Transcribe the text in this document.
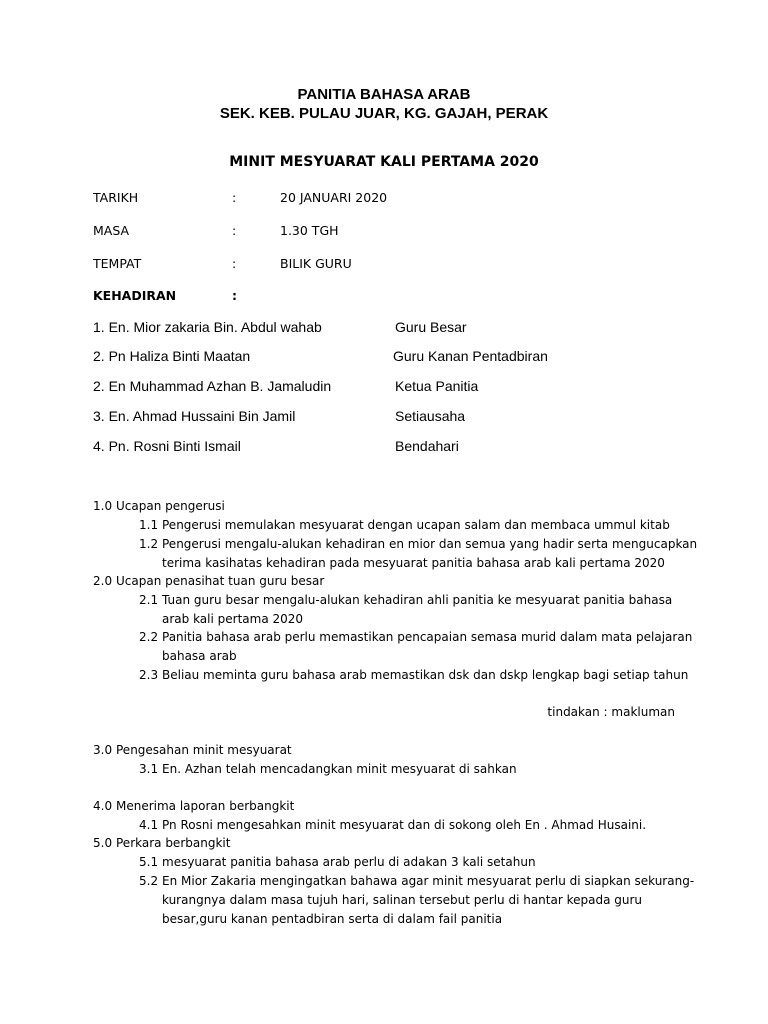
PANITIA BAHASA ARAB
SEK. KEB. PULAU JUAR, KG. GAJAH, PERAK
MINIT MESYUARAT KALI PERTAMA 2020
TARIKH	:	20 JANUARI 2020
MASA	:	1.30 TGH
TEMPAT	:	BILIK GURU
KEHADIRAN	:
1. En. Mior zakaria Bin. Abdul wahab	Guru Besar
2. Pn Haliza Binti Maatan	Guru Kanan Pentadbiran
2. En Muhammad Azhan B. Jamaludin	Ketua Panitia
3. En. Ahmad Hussaini Bin Jamil	Setiausaha
4. Pn. Rosni Binti Ismail	Bendahari
1.0 Ucapan pengerusi
1.1 Pengerusi memulakan mesyuarat dengan ucapan salam dan membaca ummul kitab
1.2 Pengerusi mengalu-alukan kehadiran en mior dan semua yang hadir serta mengucapkan
terima kasihatas kehadiran pada mesyuarat panitia bahasa arab kali pertama 2020
2.0 Ucapan penasihat tuan guru besar
2.1 Tuan guru besar mengalu-alukan kehadiran ahli panitia ke mesyuarat panitia bahasa
arab kali pertama 2020
2.2 Panitia bahasa arab perlu memastikan pencapaian semasa murid dalam mata pelajaran
bahasa arab
2.3 Beliau meminta guru bahasa arab memastikan dsk dan dskp lengkap bagi setiap tahun
tindakan : makluman
3.0 Pengesahan minit mesyuarat
3.1 En. Azhan telah mencadangkan minit mesyuarat di sahkan
4.0 Menerima laporan berbangkit
4.1 Pn Rosni mengesahkan minit mesyuarat dan di sokong oleh En . Ahmad Husaini.
5.0 Perkara berbangkit
5.1 mesyuarat panitia bahasa arab perlu di adakan 3 kali setahun
5.2 En Mior Zakaria mengingatkan bahawa agar minit mesyuarat perlu di siapkan sekurang-
kurangnya dalam masa tujuh hari, salinan tersebut perlu di hantar kepada guru
besar,guru kanan pentadbiran serta di dalam fail panitia
